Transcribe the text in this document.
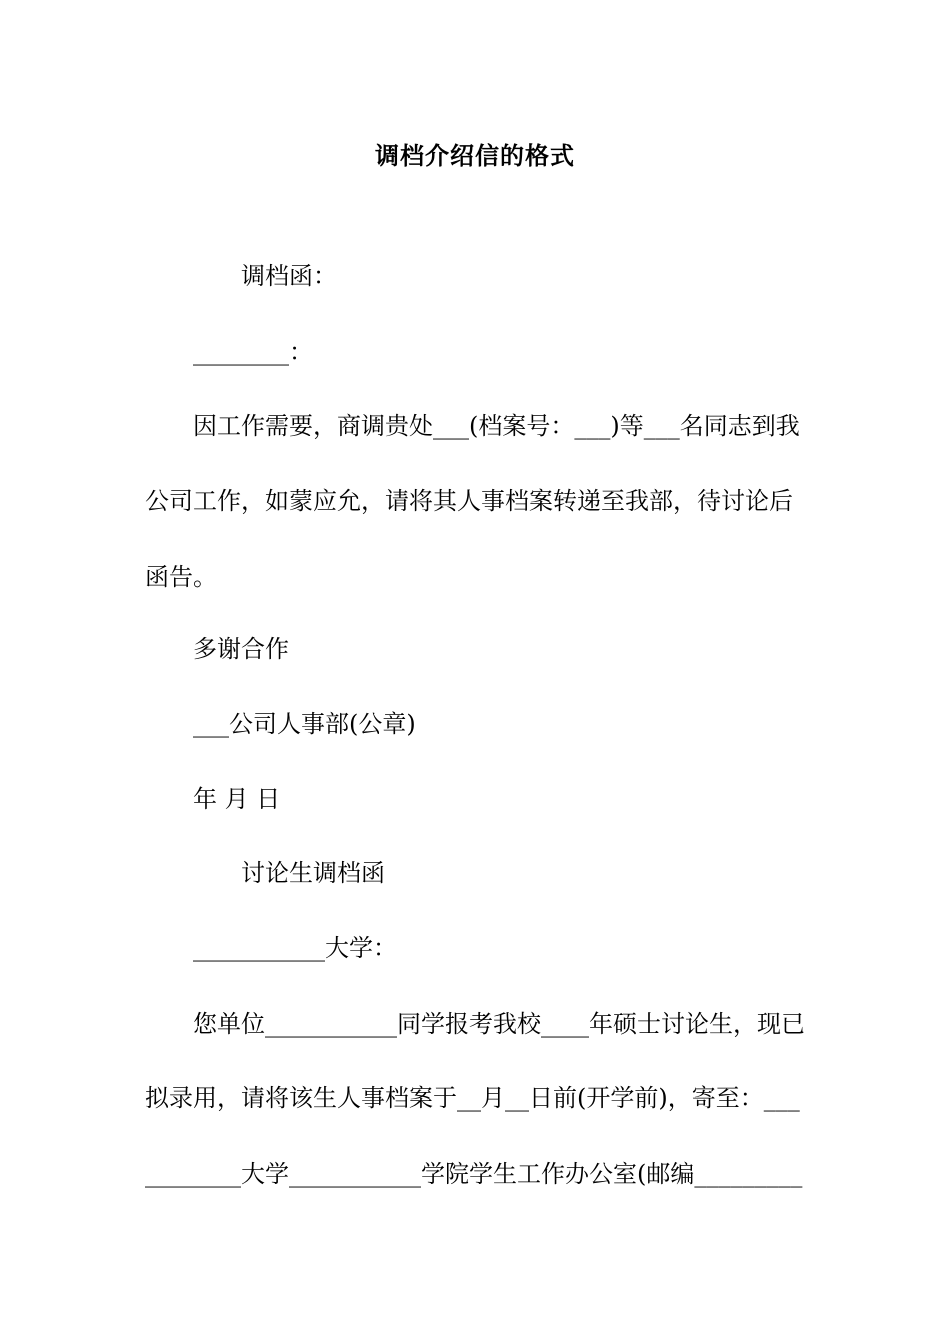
调档介绍信的格式
调档函：
________：
因工作需要，商调贵处___(档案号：___)等___名同志到我
公司工作，如蒙应允，请将其人事档案转递至我部，待讨论后
函告。
多谢合作
___公司人事部(公章)
年 月 日
讨论生调档函
___________大学：
您单位___________同学报考我校____年硕士讨论生，现已
拟录用，请将该生人事档案于__月__日前(开学前)，寄至：___
________大学___________学院学生工作办公室(邮编_________
